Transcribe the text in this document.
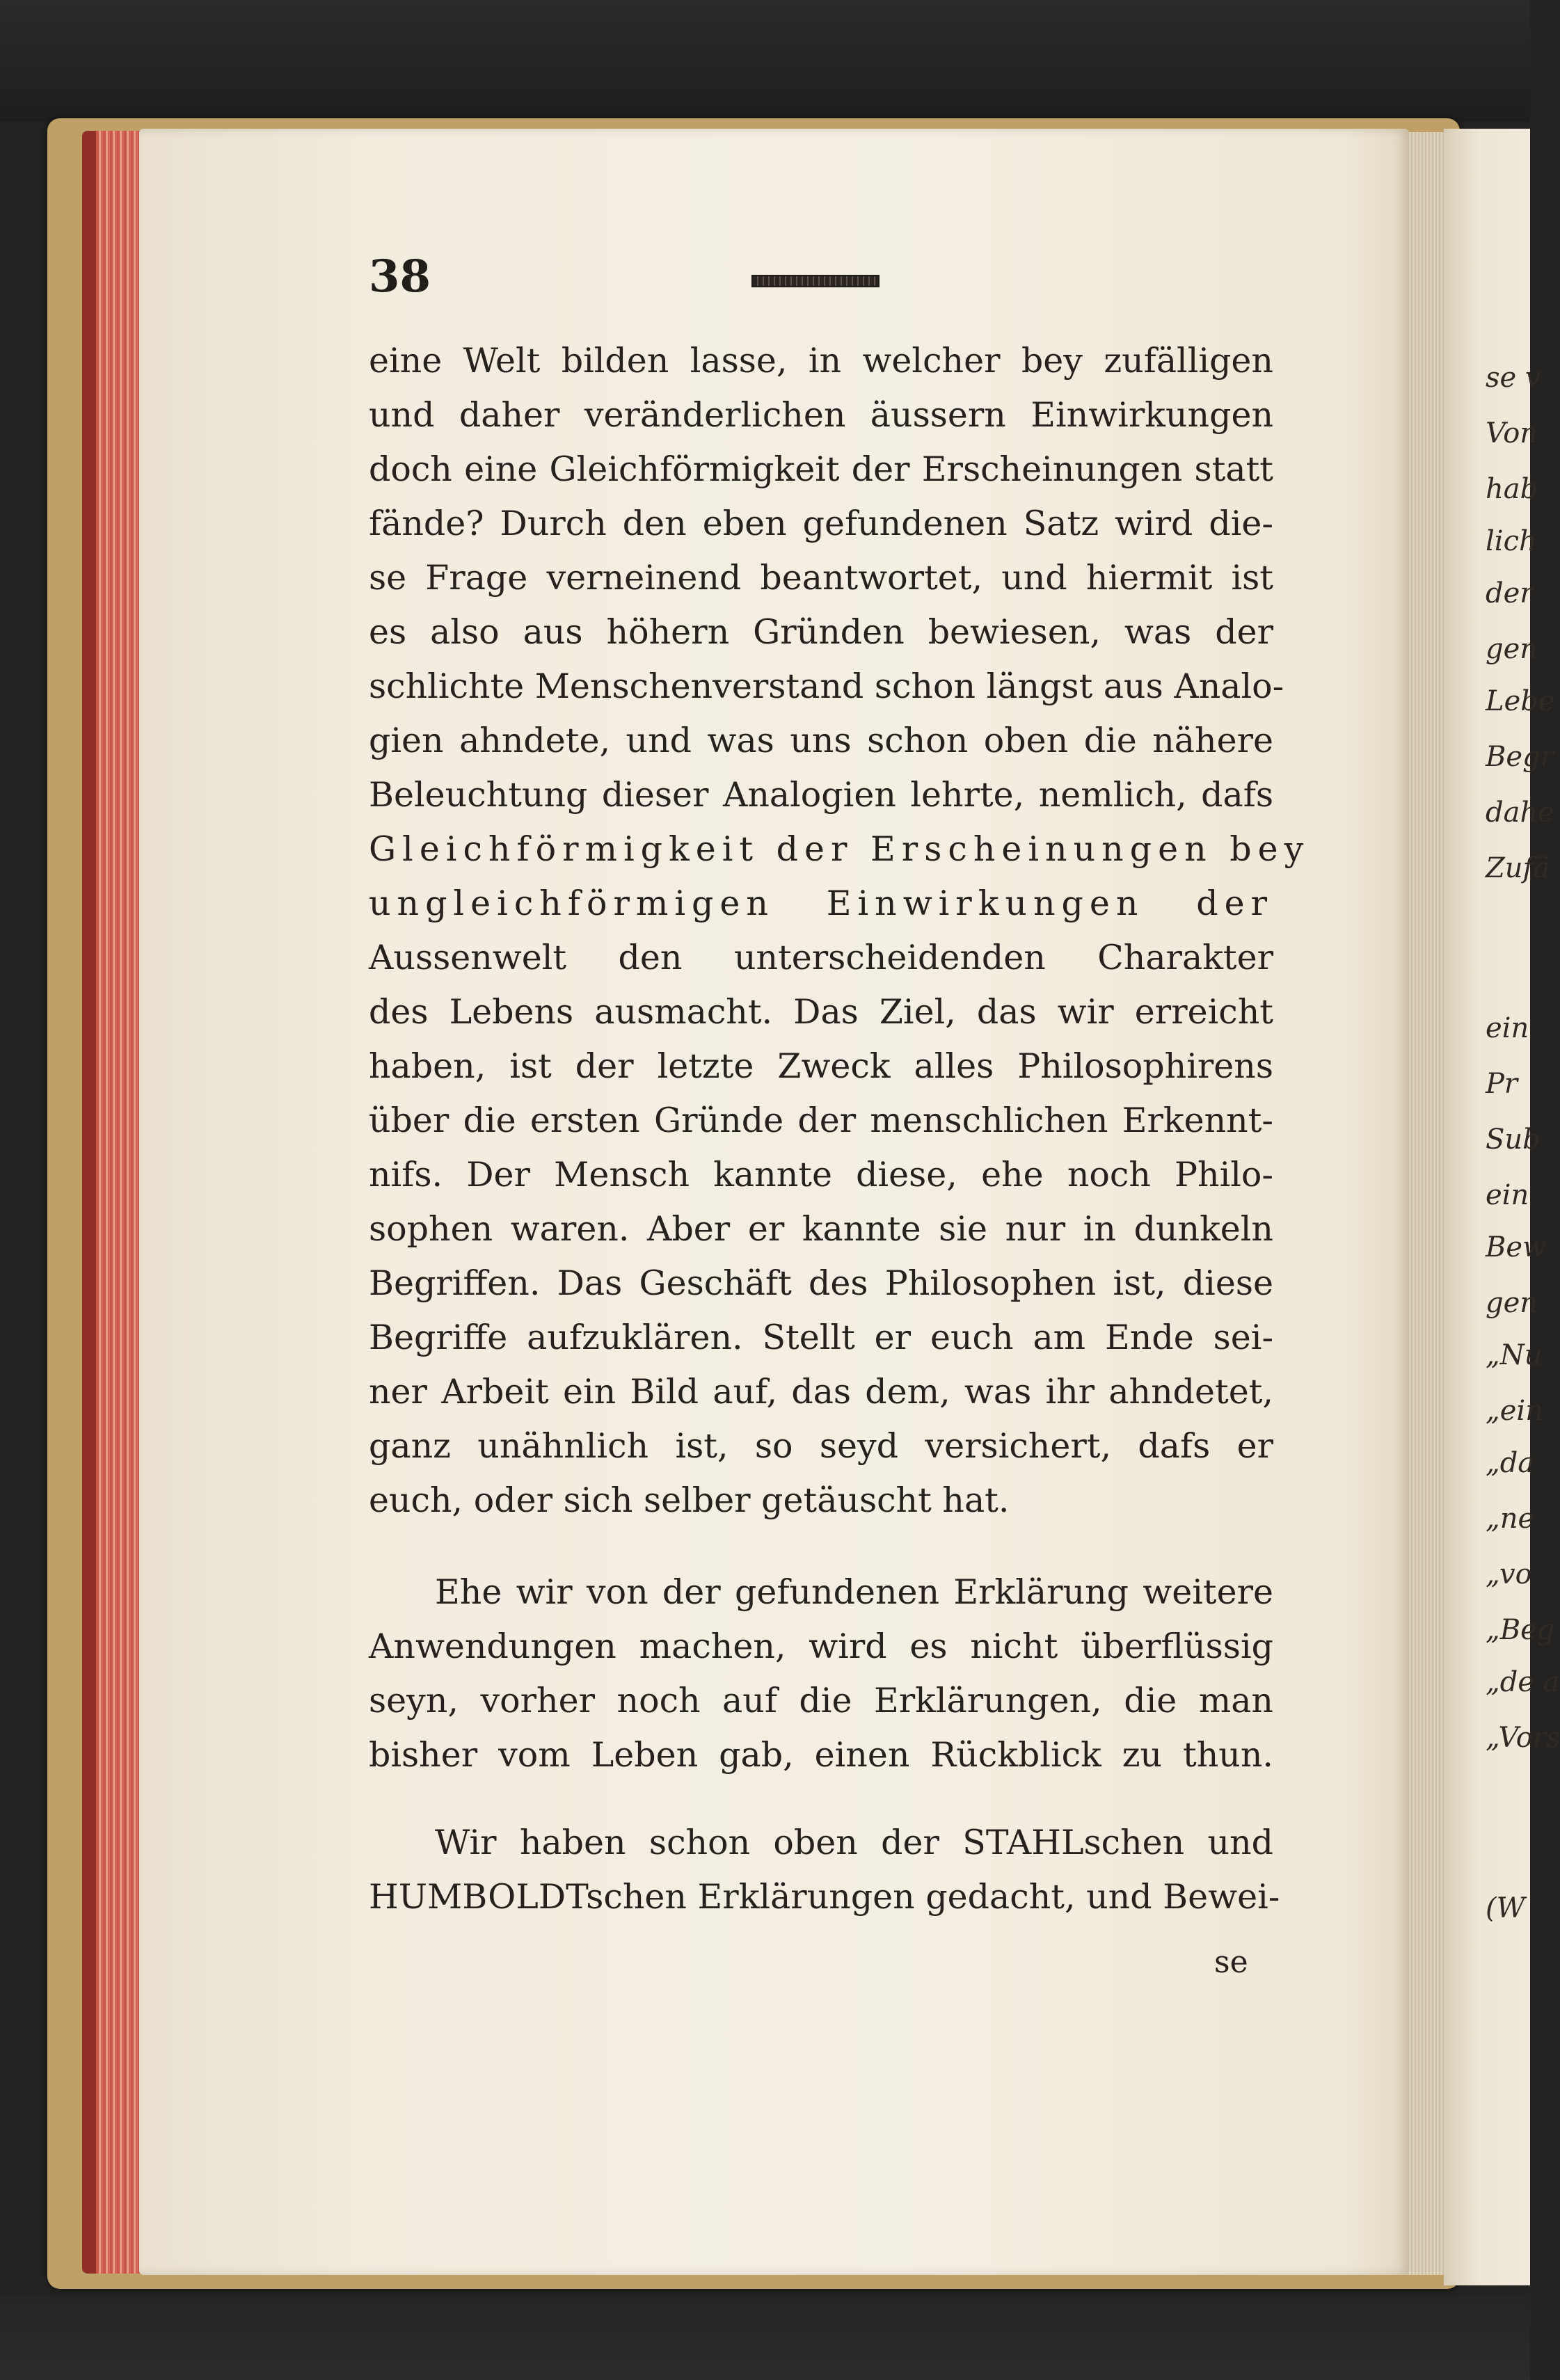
se v
Von
hab
lich
der
gen
Lebe
Begr
dahe
Zufä
ein
Pr
Sub
ein
Bew
gen
„Nu
„ein
„da
„ne
„vo
„Beg
„de a
„Vors
(W
38
eine Welt bilden lasse, in welcher bey zufälligen
und daher veränderlichen äussern Einwirkungen
doch eine Gleichförmigkeit der Erscheinungen statt
fände? Durch den eben gefundenen Satz wird die-
se Frage verneinend beantwortet, und hiermit ist
es also aus höhern Gründen bewiesen, was der
schlichte Menschenverstand schon längst aus Analo-
gien ahndete, und was uns schon oben die nähere
Beleuchtung dieser Analogien lehrte, nemlich, dafs
Gleichförmigkeit der Erscheinungen bey
ungleichförmigen Einwirkungen der
Aussenwelt den unterscheidenden Charakter
des Lebens ausmacht. Das Ziel, das wir erreicht
haben, ist der letzte Zweck alles Philosophirens
über die ersten Gründe der menschlichen Erkennt-
nifs. Der Mensch kannte diese, ehe noch Philo-
sophen waren. Aber er kannte sie nur in dunkeln
Begriffen. Das Geschäft des Philosophen ist, diese
Begriffe aufzuklären. Stellt er euch am Ende sei-
ner Arbeit ein Bild auf, das dem, was ihr ahndetet,
ganz unähnlich ist, so seyd versichert, dafs er
euch, oder sich selber getäuscht hat.
Ehe wir von der gefundenen Erklärung weitere
Anwendungen machen, wird es nicht überflüssig
seyn, vorher noch auf die Erklärungen, die man
bisher vom Leben gab, einen Rückblick zu thun.
Wir haben schon oben der STAHLschen und
HUMBOLDTschen Erklärungen gedacht, und Bewei-
se
